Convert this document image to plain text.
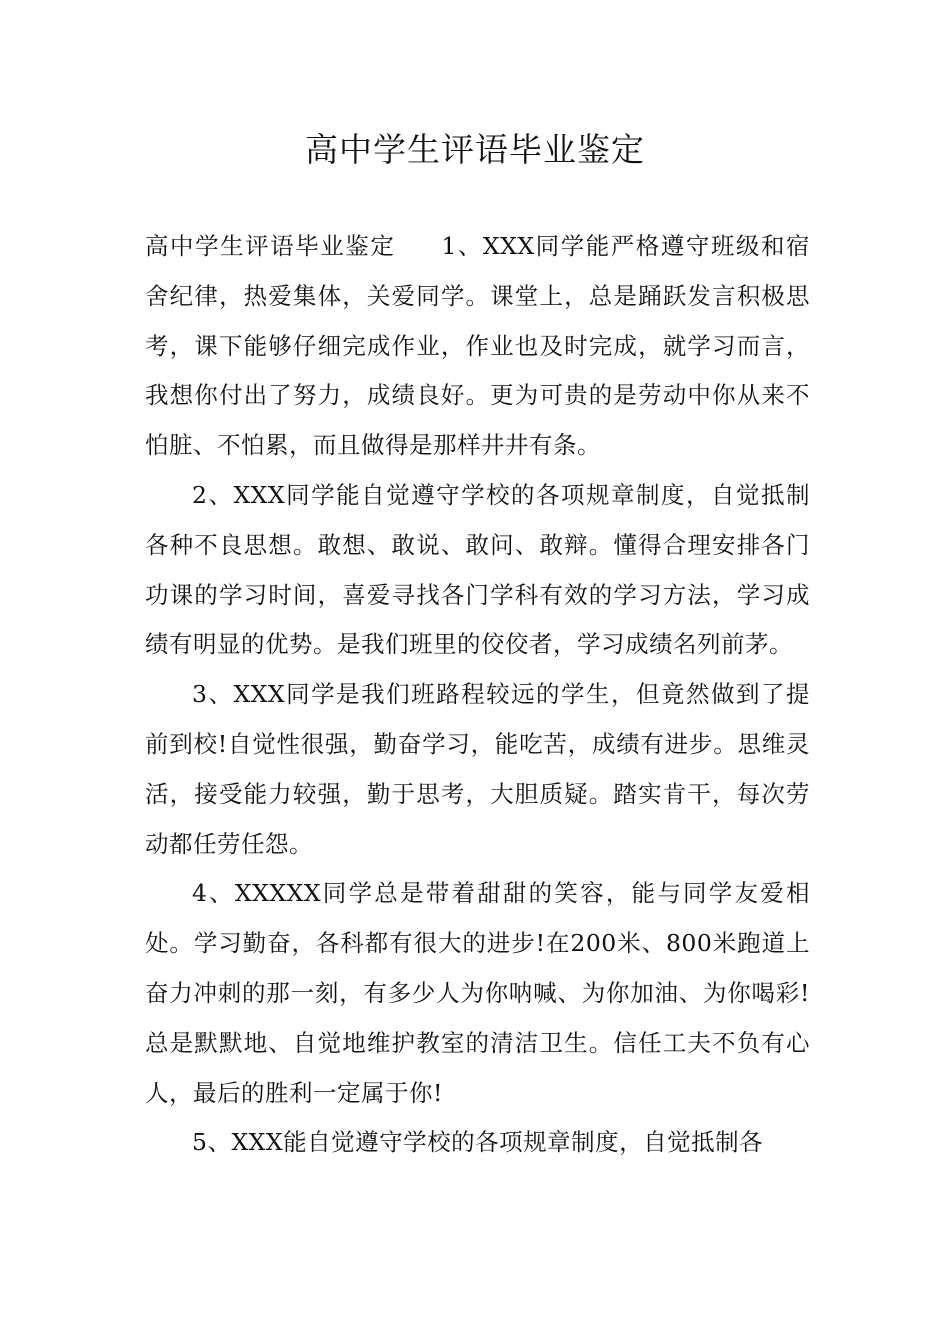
高中学生评语毕业鉴定

高中学生评语毕业鉴定 1、XXX同学能严格遵守班级和宿舍纪律，热爱集体，关爱同学。课堂上，总是踊跃发言积极思考，课下能够仔细完成作业，作业也及时完成，就学习而言，我想你付出了努力，成绩良好。更为可贵的是劳动中你从来不怕脏、不怕累，而且做得是那样井井有条。

2、XXX同学能自觉遵守学校的各项规章制度，自觉抵制各种不良思想。敢想、敢说、敢问、敢辩。懂得合理安排各门功课的学习时间，喜爱寻找各门学科有效的学习方法，学习成绩有明显的优势。是我们班里的佼佼者，学习成绩名列前茅。

3、XXX同学是我们班路程较远的学生，但竟然做到了提前到校!自觉性很强，勤奋学习，能吃苦，成绩有进步。思维灵活，接受能力较强，勤于思考，大胆质疑。踏实肯干，每次劳动都任劳任怨。

4、XXXXX同学总是带着甜甜的笑容，能与同学友爱相处。学习勤奋，各科都有很大的进步!在200米、800米跑道上奋力冲刺的那一刻，有多少人为你呐喊、为你加油、为你喝彩!总是默默地、自觉地维护教室的清洁卫生。信任工夫不负有心人，最后的胜利一定属于你!

5、XXX能自觉遵守学校的各项规章制度，自觉抵制各
